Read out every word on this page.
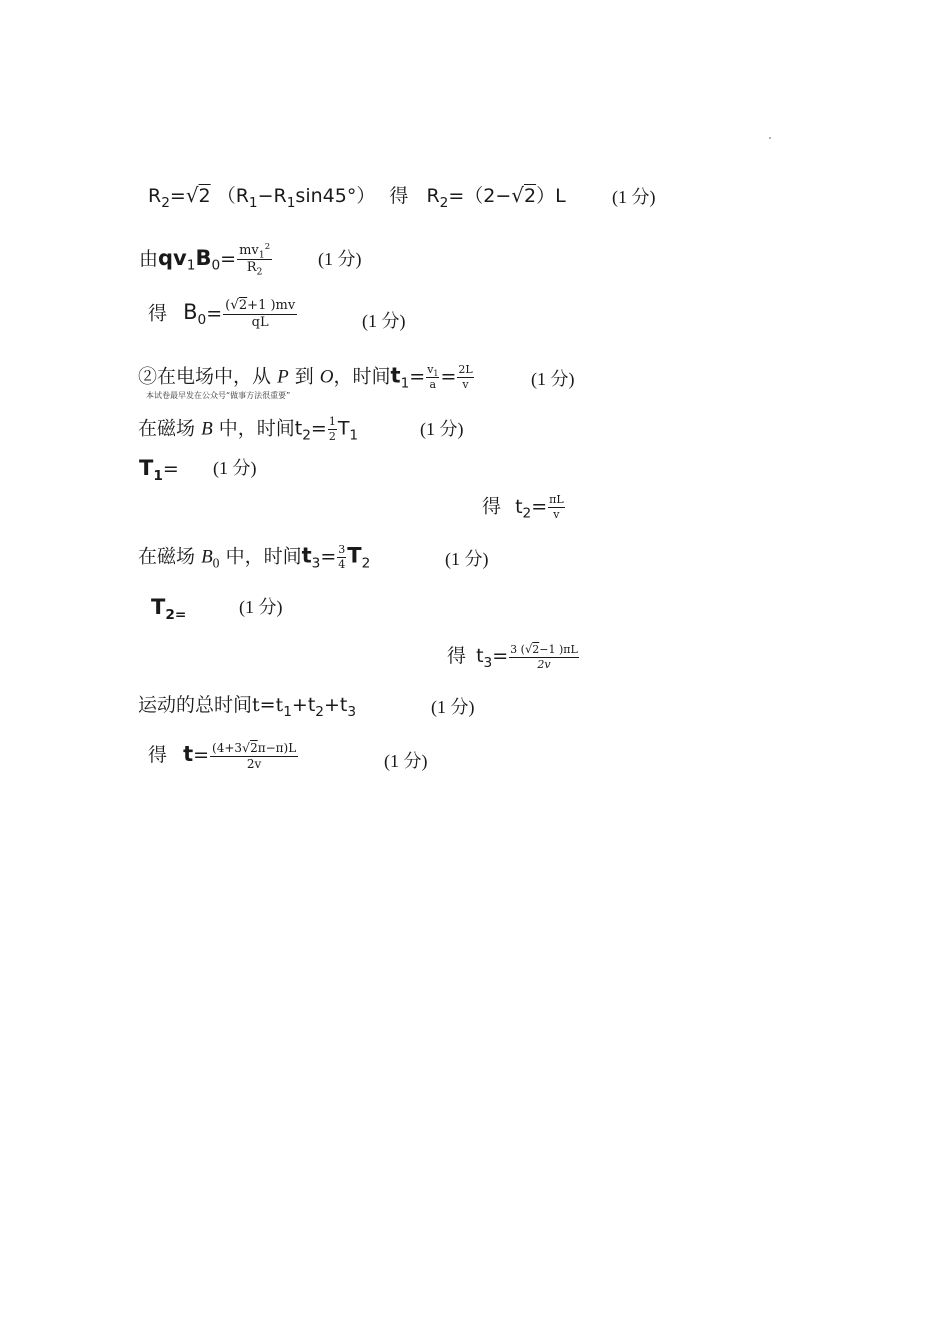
$R_2=√2$ $(R_1-R_1\sin 45^\circ)$ 得 $R_2=(2-√2)L$	(1 分)
由$qv_1B_0= \frac{mv_1^2}{R_2}$	(1 分)
得 $B_0= \frac{(√2+1 )mv}{qL}$	(1 分)
②在电场中，从 P 到 O，时间$t_1= \frac{v_1}{a} = \frac{2L}{v}$	(1 分)
本试卷最早发在公众号“做事方法很重要”
在磁场 B 中，时间$t_2= \frac{1}{2} T_1$	(1 分)
$T_1= (1$ 分)
得 $t_2= \frac{\pi L}{v}$
在磁场 $B_0$ 中，时间$t_3= \frac{3}{4} T_2$	(1 分)
$T_{2=}$	(1 分)
得 $t_3= \frac{3 (√2-1 )\pi L}{2v}$
运动的总时间$t=t_1+t_2+t_3$	(1 分)
得 $t= \frac{(4+3√2\pi-\pi)L}{2v}$	(1 分)
